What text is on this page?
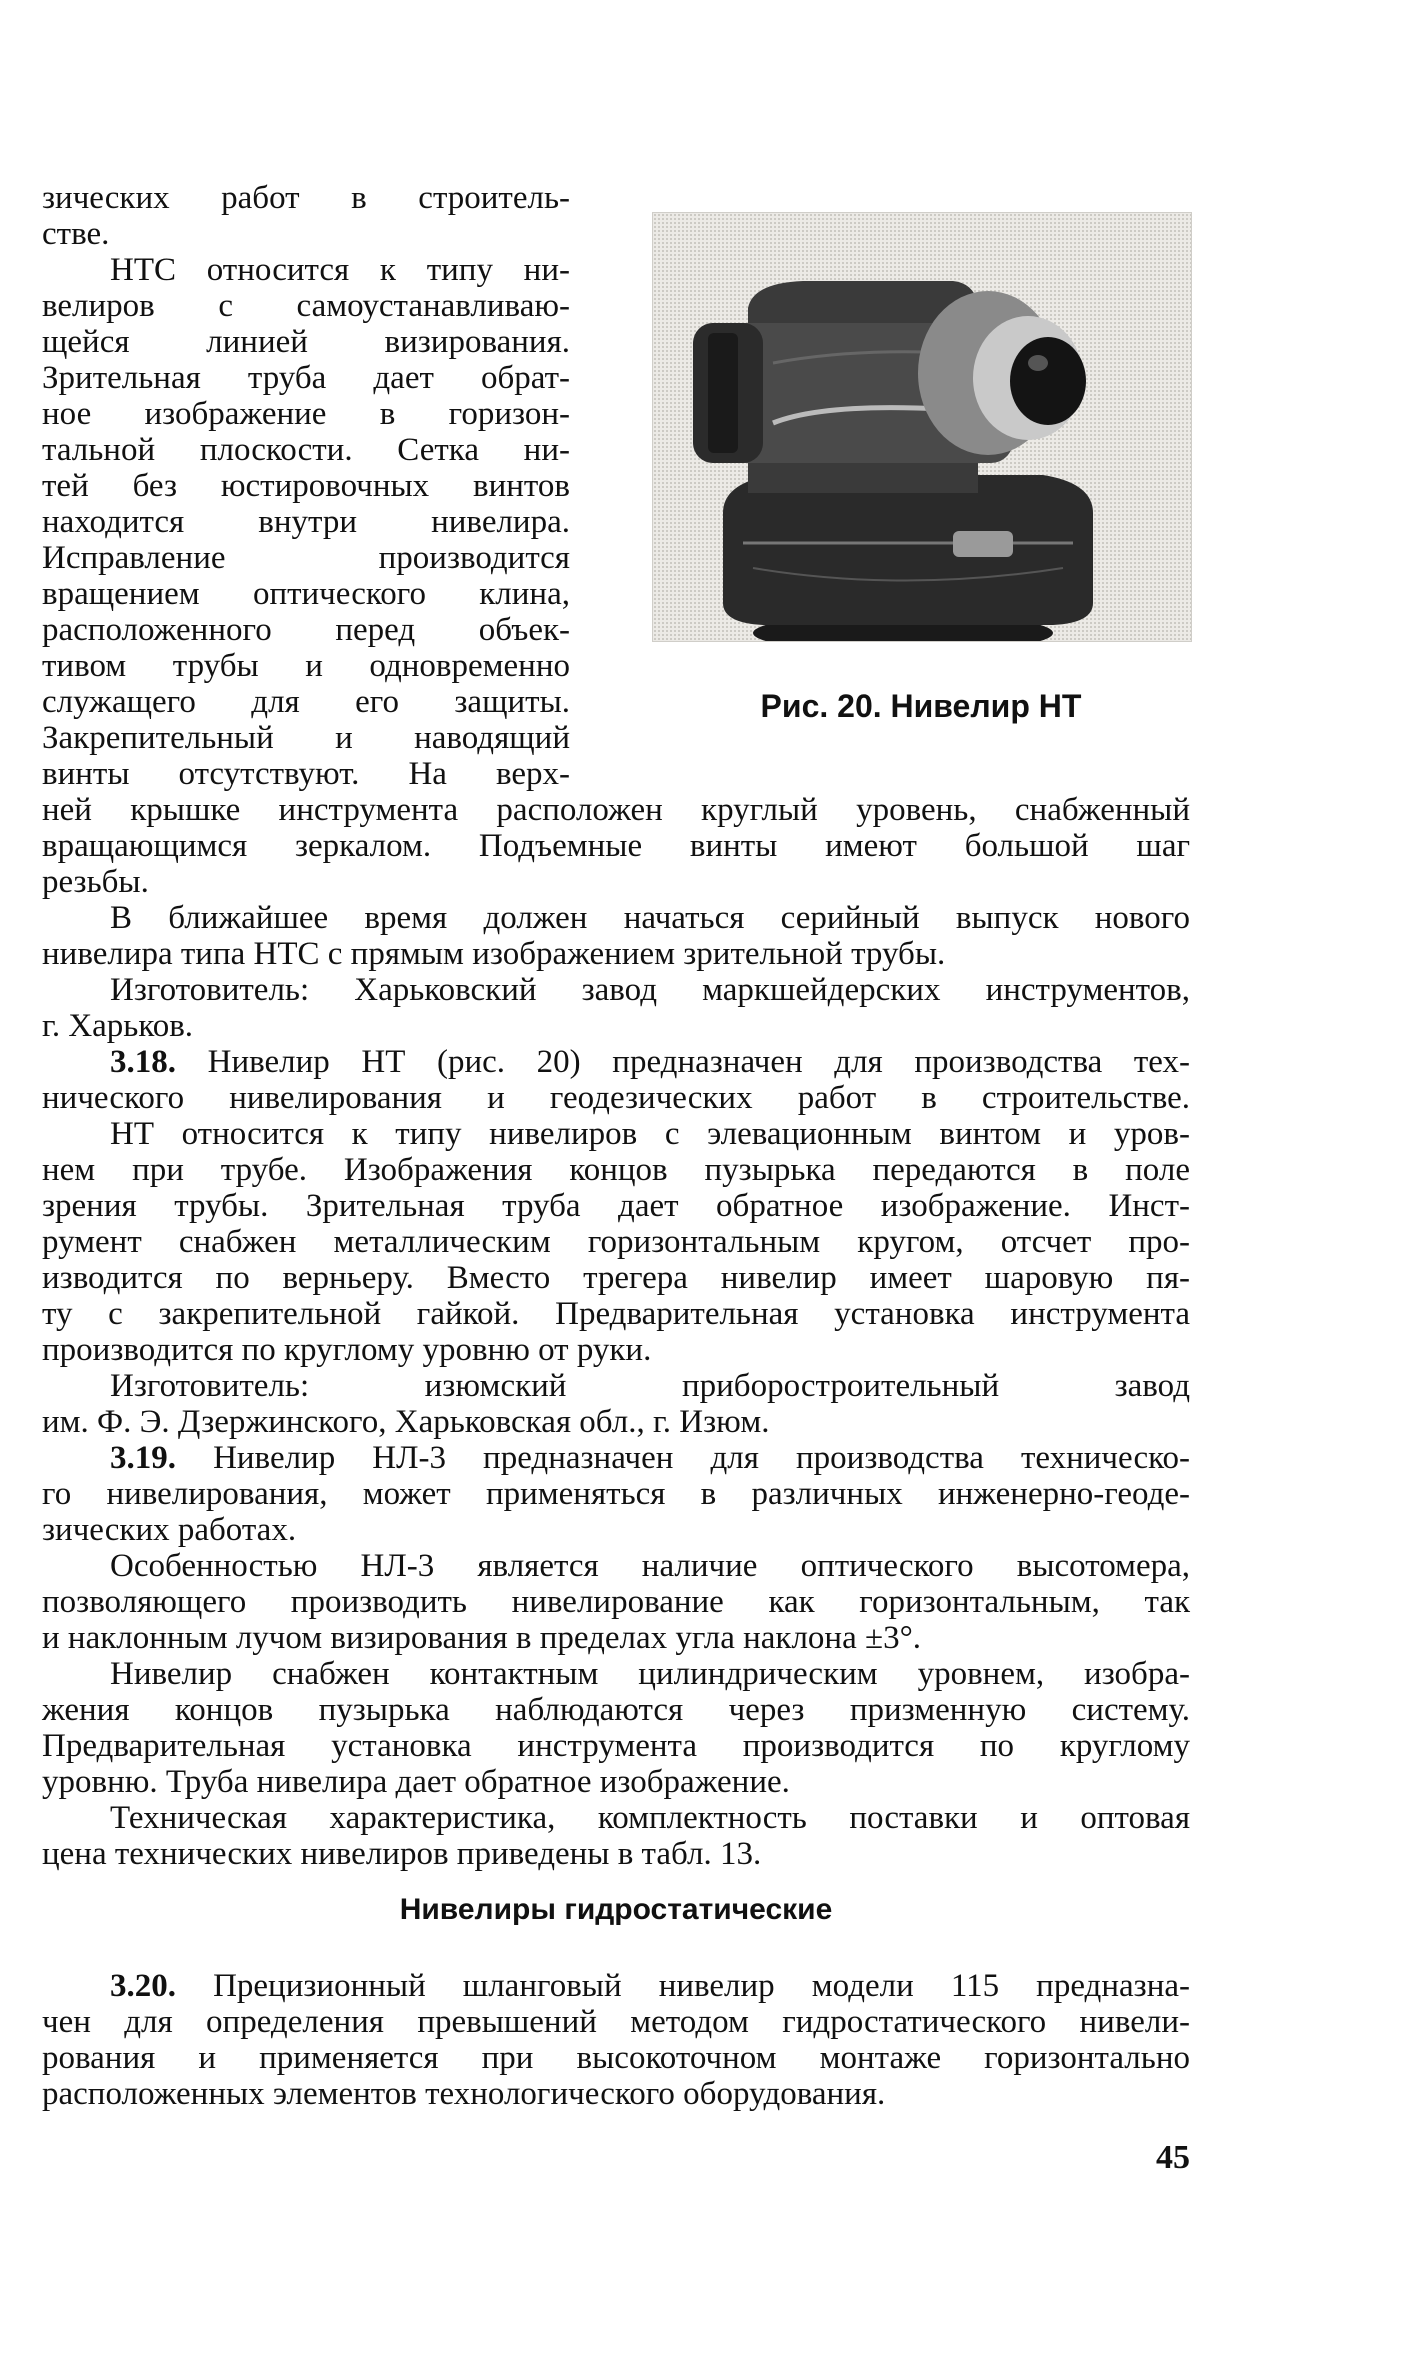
Рис. 20. Нивелир НТ
зических работ в строитель-
стве.
НТС относится к типу ни-
велиров с самоустанавливаю-
щейся линией визирования.
Зрительная труба дает обрат-
ное изображение в горизон-
тальной плоскости. Сетка ни-
тей без юстировочных винтов
находится внутри нивелира.
Исправление производится
вращением оптического клина,
расположенного перед объек-
тивом трубы и одновременно
служащего для его защиты.
Закрепительный и наводящий
винты отсутствуют. На верх-
ней крышке инструмента расположен круглый уровень, снабженный
вращающимся зеркалом. Подъемные винты имеют большой шаг
резьбы.
В ближайшее время должен начаться серийный выпуск нового
нивелира типа НТС с прямым изображением зрительной трубы.
Изготовитель: Харьковский завод маркшейдерских инструментов,
г. Харьков.
3.18. Нивелир НТ (рис. 20) предназначен для производства тех-
нического нивелирования и геодезических работ в строительстве.
НТ относится к типу нивелиров с элевационным винтом и уров-
нем при трубе. Изображения концов пузырька передаются в поле
зрения трубы. Зрительная труба дает обратное изображение. Инст-
румент снабжен металлическим горизонтальным кругом, отсчет про-
изводится по верньеру. Вместо трегера нивелир имеет шаровую пя-
ту с закрепительной гайкой. Предварительная установка инструмента
производится по круглому уровню от руки.
Изготовитель: изюмский приборостроительный завод
им. Ф. Э. Дзержинского, Харьковская обл., г. Изюм.
3.19. Нивелир НЛ-3 предназначен для производства техническо-
го нивелирования, может применяться в различных инженерно-геоде-
зических работах.
Особенностью НЛ-3 является наличие оптического высотомера,
позволяющего производить нивелирование как горизонтальным, так
и наклонным лучом визирования в пределах угла наклона ±3°.
Нивелир снабжен контактным цилиндрическим уровнем, изобра-
жения концов пузырька наблюдаются через призменную систему.
Предварительная установка инструмента производится по круглому
уровню. Труба нивелира дает обратное изображение.
Техническая характеристика, комплектность поставки и оптовая
цена технических нивелиров приведены в табл. 13.
Нивелиры гидростатические
3.20. Прецизионный шланговый нивелир модели 115 предназна-
чен для определения превышений методом гидростатического нивели-
рования и применяется при высокоточном монтаже горизонтально
расположенных элементов технологического оборудования.
45
